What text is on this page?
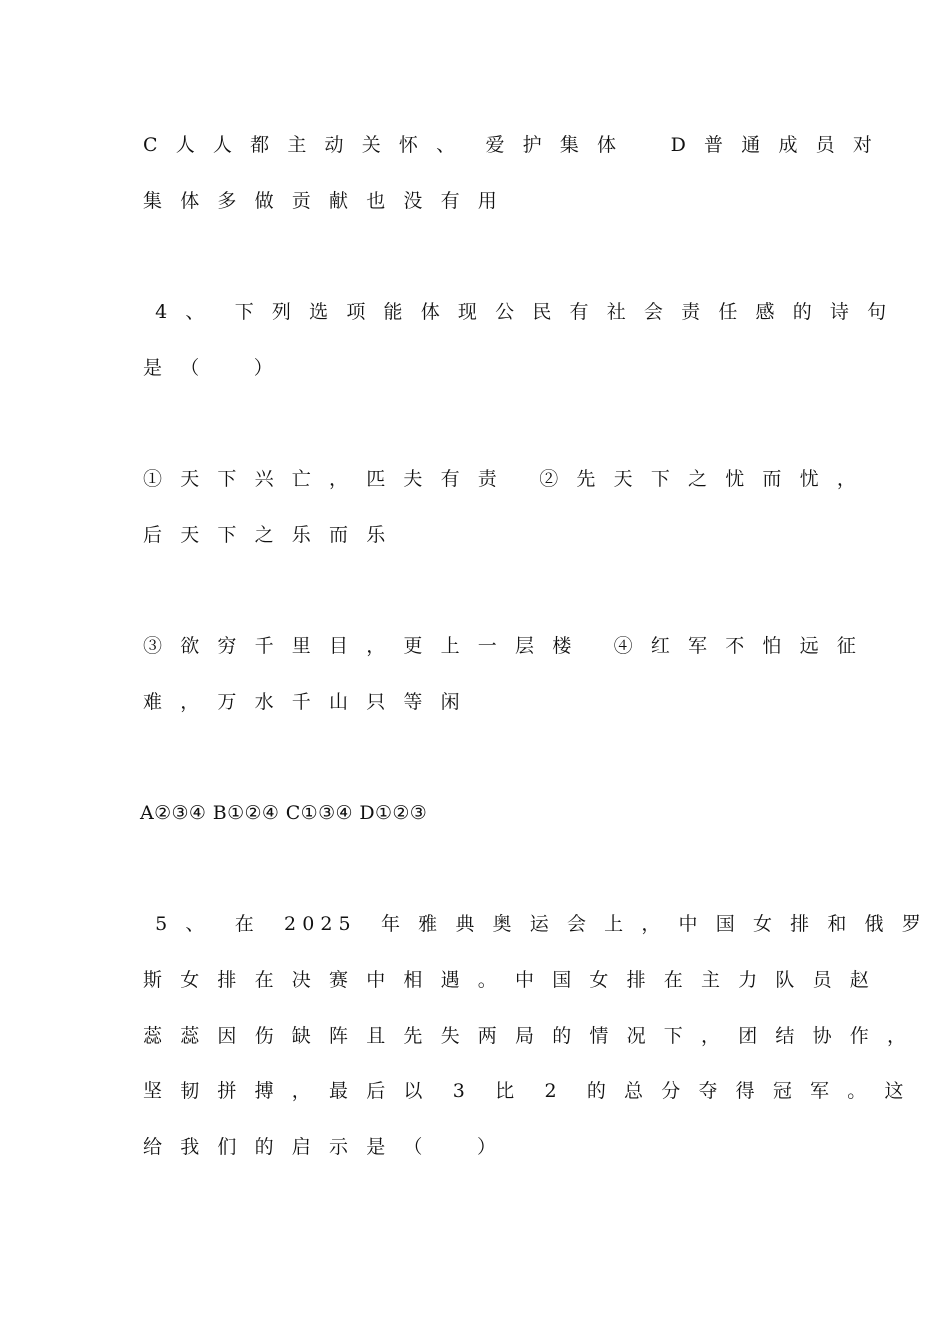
C 人 人 都 主 动 关 怀 、  爱 护 集 体    D 普 通 成 员 对
集 体 多 做 贡 献 也 没 有 用
4 、  下 列 选 项 能 体 现 公 民 有 社 会 责 任 感 的 诗 句
是 （    ）
① 天 下 兴 亡 ， 匹 夫 有 责   ② 先 天 下 之 忧 而 忧 ，
后 天 下 之 乐 而 乐
③ 欲 穷 千 里 目 ， 更 上 一 层 楼   ④ 红 军 不 怕 远 征
难 ， 万 水 千 山 只 等 闲
A②③④ B①②④ C①③④ D①②③
5 、  在  2025  年 雅 典 奥 运 会 上 ， 中 国 女 排 和 俄 罗
斯 女 排 在 决 赛 中 相 遇 。 中 国 女 排 在 主 力 队 员 赵
蕊 蕊 因 伤 缺 阵 且 先 失 两 局 的 情 况 下 ， 团 结 协 作 ，
坚 韧 拼 搏 ， 最 后 以  3  比  2  的 总 分 夺 得 冠 军 。 这
给 我 们 的 启 示 是 （    ）
